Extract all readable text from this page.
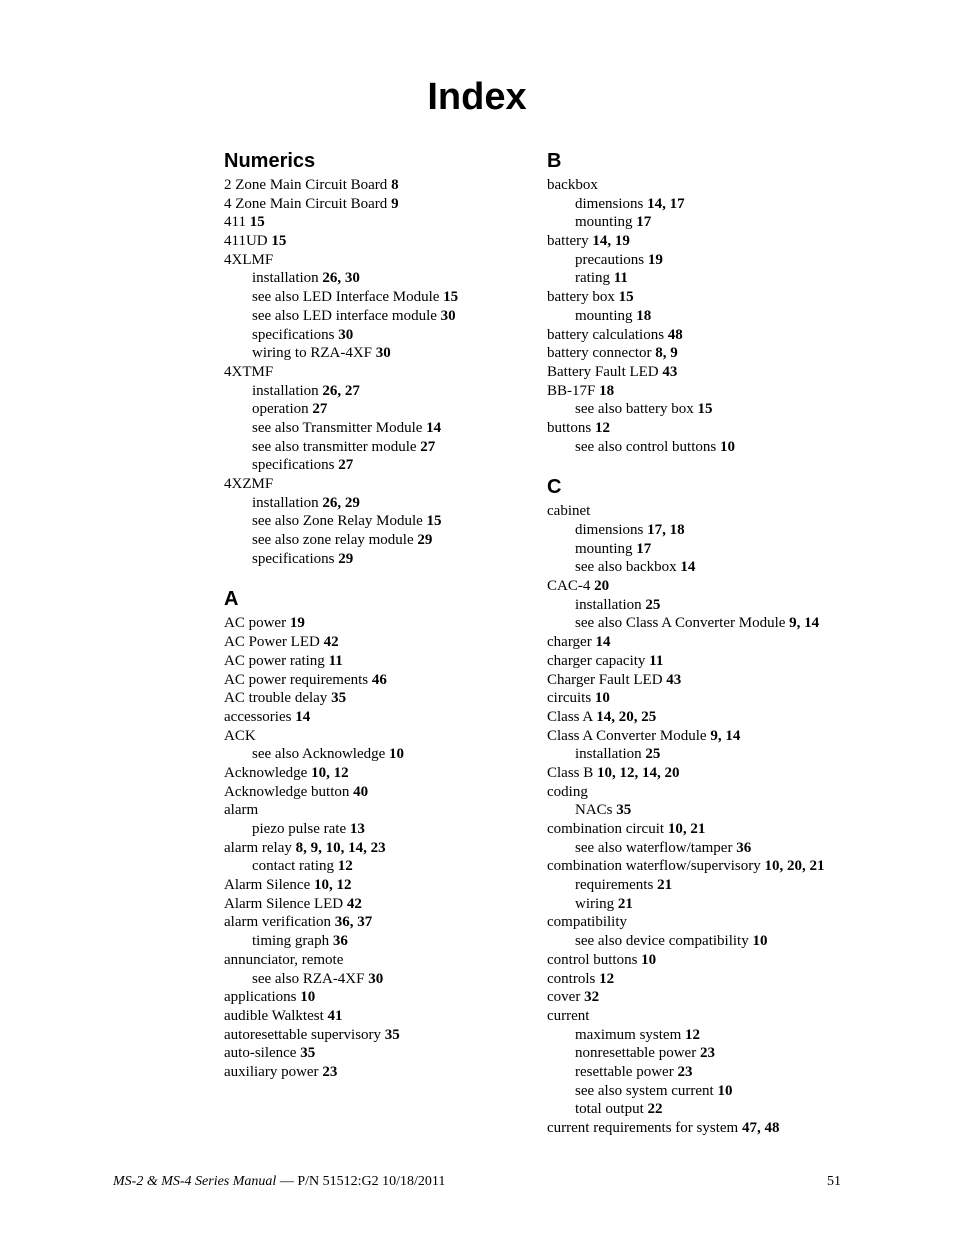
Index
Numerics
2 Zone Main Circuit Board 8
4 Zone Main Circuit Board 9
411 15
411UD 15
4XLMF
installation 26, 30
see also LED Interface Module 15
see also LED interface module 30
specifications 30
wiring to RZA-4XF 30
4XTMF
installation 26, 27
operation 27
see also Transmitter Module 14
see also transmitter module 27
specifications 27
4XZMF
installation 26, 29
see also Zone Relay Module 15
see also zone relay module 29
specifications 29
A
AC power 19
AC Power LED 42
AC power rating 11
AC power requirements 46
AC trouble delay 35
accessories 14
ACK
see also Acknowledge 10
Acknowledge 10, 12
Acknowledge button 40
alarm
piezo pulse rate 13
alarm relay 8, 9, 10, 14, 23
contact rating 12
Alarm Silence 10, 12
Alarm Silence LED 42
alarm verification 36, 37
timing graph 36
annunciator, remote
see also RZA-4XF 30
applications 10
audible Walktest 41
autoresettable supervisory 35
auto-silence 35
auxiliary power 23
B
backbox
dimensions 14, 17
mounting 17
battery 14, 19
precautions 19
rating 11
battery box 15
mounting 18
battery calculations 48
battery connector 8, 9
Battery Fault LED 43
BB-17F 18
see also battery box 15
buttons 12
see also control buttons 10
C
cabinet
dimensions 17, 18
mounting 17
see also backbox 14
CAC-4 20
installation 25
see also Class A Converter Module 9, 14
charger 14
charger capacity 11
Charger Fault LED 43
circuits 10
Class A 14, 20, 25
Class A Converter Module 9, 14
installation 25
Class B 10, 12, 14, 20
coding
NACs 35
combination circuit 10, 21
see also waterflow/tamper 36
combination waterflow/supervisory 10, 20, 21
requirements 21
wiring 21
compatibility
see also device compatibility 10
control buttons 10
controls 12
cover 32
current
maximum system 12
nonresettable power 23
resettable power 23
see also system current 10
total output 22
current requirements for system 47, 48
MS-2 & MS-4 Series Manual — P/N 51512:G2 10/18/2011	51
